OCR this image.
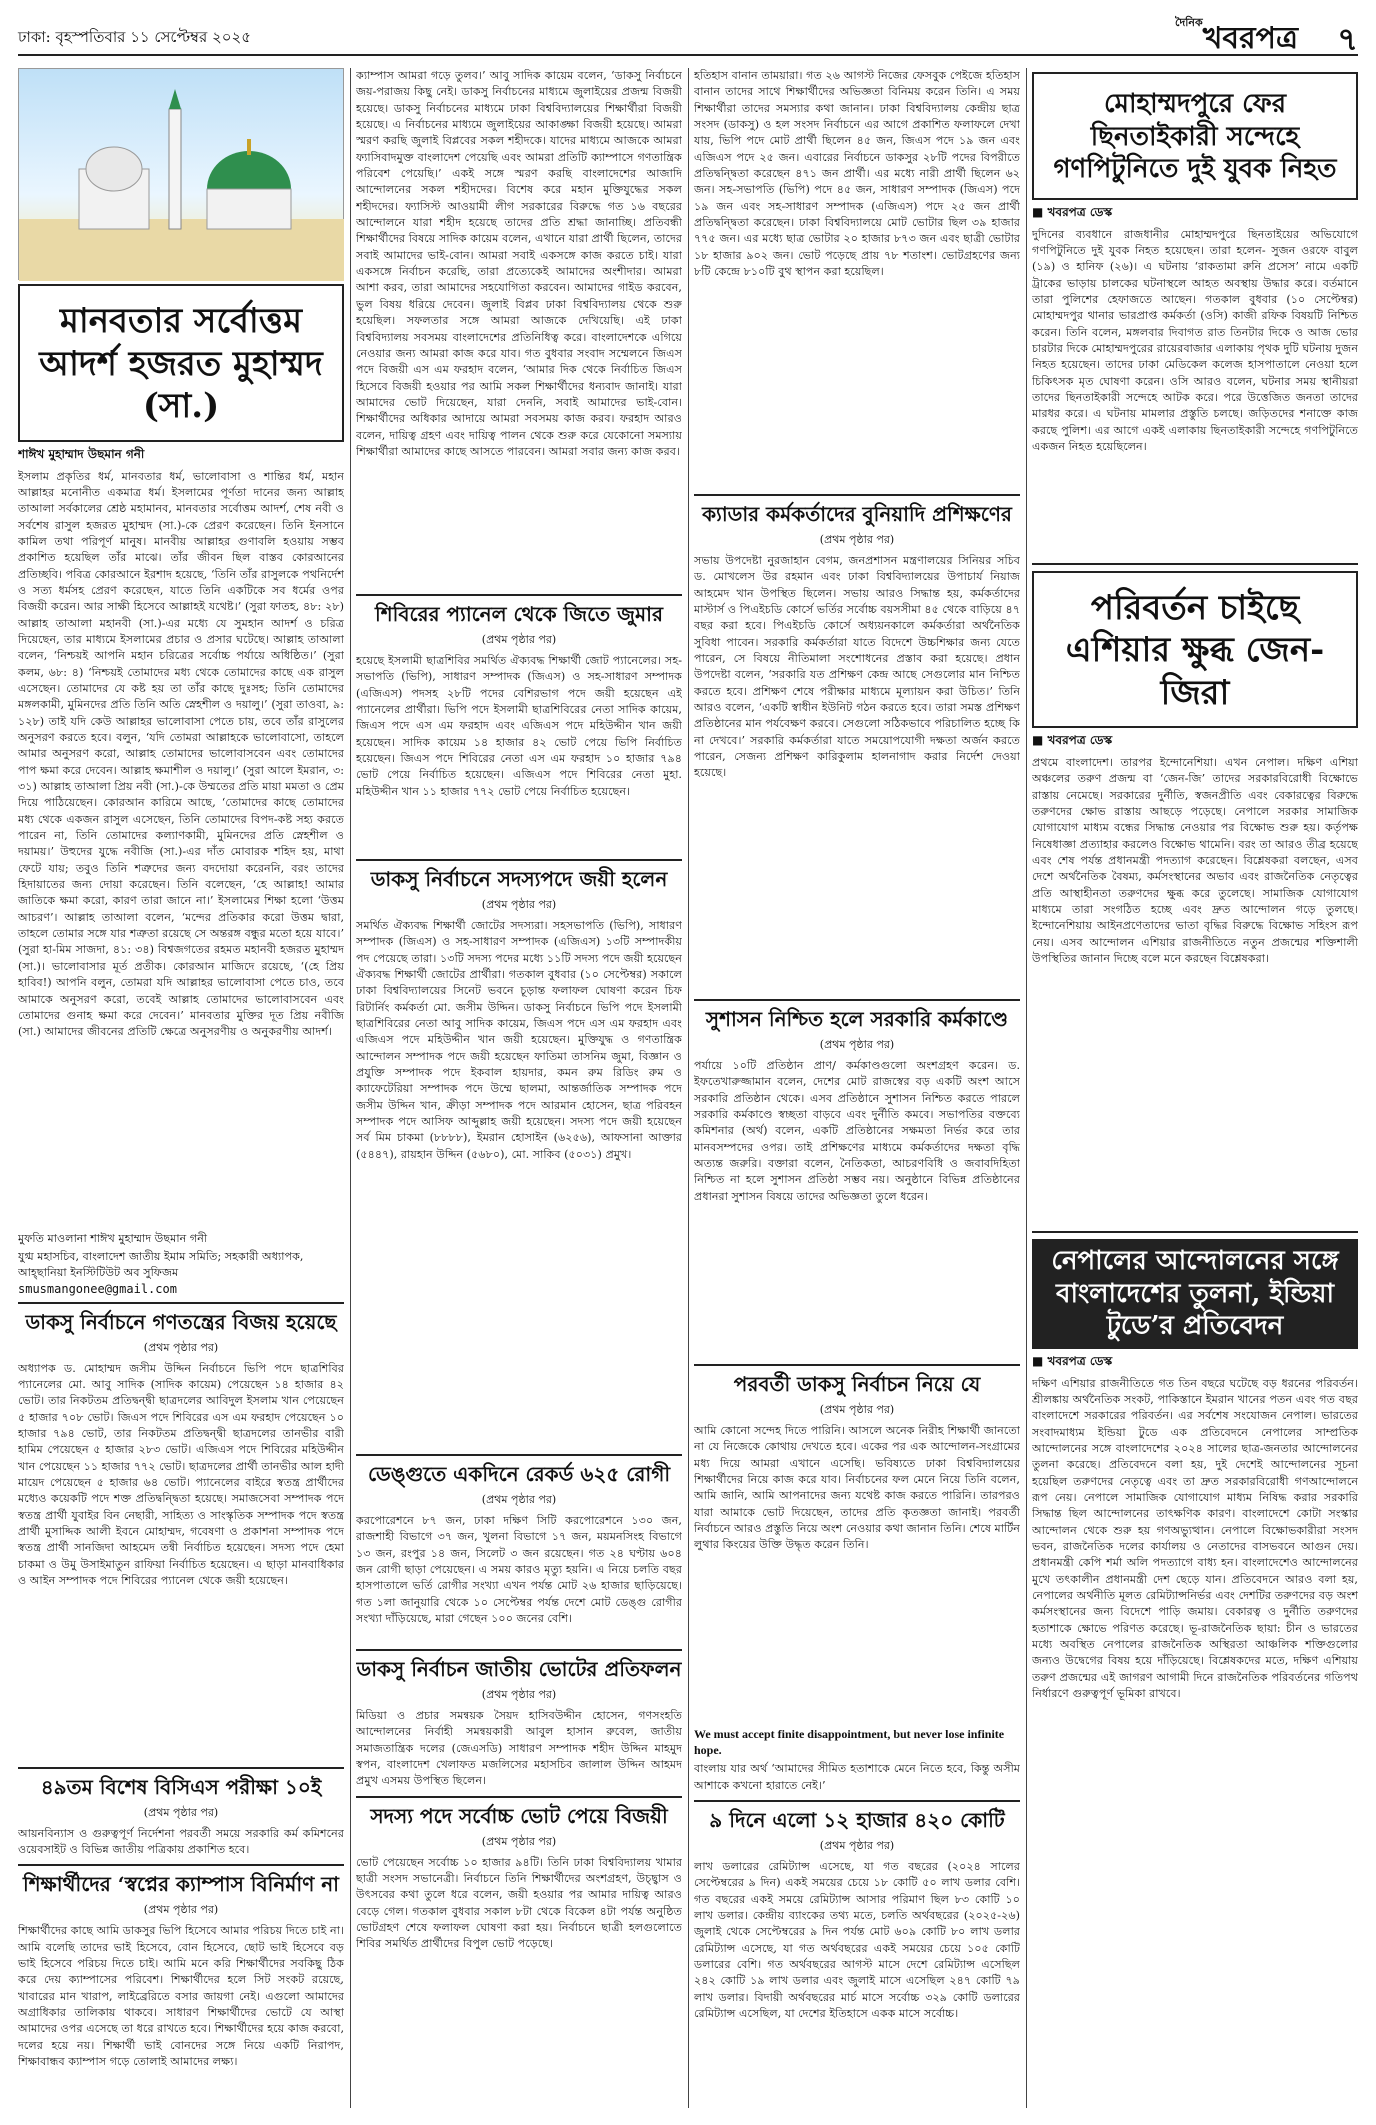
ঢাকা: বৃহস্পতিবার ১১ সেপ্টেম্বর ২০২৫
$^{দৈনিক}$খবরপত্র ৭
মানবতার সর্বোত্তম আদর্শ হজরত মুহাম্মদ (সা.)
শাঈখ মুহাম্মাদ উছমান গনী
ইসলাম প্রকৃতির ধর্ম, মানবতার ধর্ম, ভালোবাসা ও শান্তির ধর্ম, মহান আল্লাহর মনোনীত একমাত্র ধর্ম। ইসলামের পূর্ণতা দানের জন্য আল্লাহ তাআলা সর্বকালের শ্রেষ্ঠ মহামানব, মানবতার সর্বোত্তম আদর্শ, শেষ নবী ও সর্বশেষ রাসুল হজরত মুহাম্মদ (সা.)-কে প্রেরণ করেছেন। তিনি ইনসানে কামিল তথা পরিপূর্ণ মানুষ। মানবীয় আল্লাহর গুণাবলি হওয়ায় সম্ভব প্রকাশিত হয়েছিল তাঁর মাঝে। তাঁর জীবন ছিল বাস্তব কোরআনের প্রতিচ্ছবি। পবিত্র কোরআনে ইরশাদ হয়েছে, ‘তিনি তাঁর রাসুলকে পথনির্দেশ ও সত্য ধর্মসহ প্রেরণ করেছেন, যাতে তিনি একটিকে সব ধর্মের ওপর বিজয়ী করেন। আর সাক্ষী হিসেবে আল্লাহই যথেষ্ট।’ (সুরা ফাতহ, ৪৮: ২৮) আল্লাহ তাআলা মহানবী (সা.)-এর মধ্যে যে সুমহান আদর্শ ও চরিত্র দিয়েছেন, তার মাধ্যমে ইসলামের প্রচার ও প্রসার ঘটেছে। আল্লাহ তাআলা বলেন, ‘নিশ্চয়ই আপনি মহান চরিত্রের সর্বোচ্চ পর্যায়ে অধিষ্ঠিত।’ (সুরা কলম, ৬৮: ৪) ‘নিশ্চয়ই তোমাদের মধ্য থেকে তোমাদের কাছে এক রাসুল এসেছেন। তোমাদের যে কষ্ট হয় তা তাঁর কাছে দুঃসহ; তিনি তোমাদের মঙ্গলকামী, মুমিনদের প্রতি তিনি অতি স্নেহশীল ও দয়ালু।’ (সুরা তাওবা, ৯: ১২৮) তাই যদি কেউ আল্লাহর ভালোবাসা পেতে চায়, তবে তাঁর রাসুলের অনুসরণ করতে হবে। বলুন, ‘যদি তোমরা আল্লাহকে ভালোবাসো, তাহলে আমার অনুসরণ করো, আল্লাহ তোমাদের ভালোবাসবেন এবং তোমাদের পাপ ক্ষমা করে দেবেন। আল্লাহ ক্ষমাশীল ও দয়ালু।’ (সুরা আলে ইমরান, ৩: ৩১) আল্লাহ তাআলা প্রিয় নবী (সা.)-কে উম্মতের প্রতি মায়া মমতা ও প্রেম দিয়ে পাঠিয়েছেন। কোরআন কারিমে আছে, ‘তোমাদের কাছে তোমাদের মধ্য থেকে একজন রাসুল এসেছেন, তিনি তোমাদের বিপদ-কষ্ট সহ্য করতে পারেন না, তিনি তোমাদের কল্যাণকামী, মুমিনদের প্রতি স্নেহশীল ও দয়াময়।’ উহুদের যুদ্ধে নবীজি (সা.)-এর দাঁত মোবারক শহিদ হয়, মাথা ফেটে যায়; তবুও তিনি শত্রুদের জন্য বদদোয়া করেননি, বরং তাদের হিদায়াতের জন্য দোয়া করেছেন। তিনি বলেছেন, ‘হে আল্লাহ! আমার জাতিকে ক্ষমা করো, কারণ তারা জানে না।’ ইসলামের শিক্ষা হলো ‘উত্তম আচরণ’। আল্লাহ তাআলা বলেন, ‘মন্দের প্রতিকার করো উত্তম দ্বারা, তাহলে তোমার সঙ্গে যার শত্রুতা রয়েছে সে অন্তরঙ্গ বন্ধুর মতো হয়ে যাবে।’ (সুরা হা-মিম সাজদা, ৪১: ৩৪) বিশ্বজগতের রহমত মহানবী হজরত মুহাম্মদ (সা.)। ভালোবাসার মূর্ত প্রতীক। কোরআন মাজিদে রয়েছে, ‘(হে প্রিয় হাবিব!) আপনি বলুন, তোমরা যদি আল্লাহর ভালোবাসা পেতে চাও, তবে আমাকে অনুসরণ করো, তবেই আল্লাহ তোমাদের ভালোবাসবেন এবং তোমাদের গুনাহ ক্ষমা করে দেবেন।’ মানবতার মুক্তির দূত প্রিয় নবীজি (সা.) আমাদের জীবনের প্রতিটি ক্ষেত্রে অনুসরণীয় ও অনুকরণীয় আদর্শ।
মুফতি মাওলানা শাঈখ মুহাম্মাদ উছমান গনী
যুগ্ম মহাসচিব, বাংলাদেশ জাতীয় ইমাম সমিতি; সহকারী অধ্যাপক, আহ্ছানিয়া ইনস্টিটিউট অব সুফিজম
smusmangonee@gmail.com
ডাকসু নির্বাচনে গণতন্ত্রের বিজয় হয়েছে
(প্রথম পৃষ্ঠার পর)
অধ্যাপক ড. মোহাম্মদ জসীম উদ্দিন নির্বাচনে ভিপি পদে ছাত্রশিবির প্যানেলের মো. আবু সাদিক (সাদিক কায়েম) পেয়েছেন ১৪ হাজার ৪২ ভোট। তার নিকটতম প্রতিদ্বন্দ্বী ছাত্রদলের আবিদুল ইসলাম খান পেয়েছেন ৫ হাজার ৭০৮ ভোট। জিএস পদে শিবিরের এস এম ফরহাদ পেয়েছেন ১০ হাজার ৭৯৪ ভোট, তার নিকটতম প্রতিদ্বন্দ্বী ছাত্রদলের তানভীর বারী হামিম পেয়েছেন ৫ হাজার ২৮৩ ভোট। এজিএস পদে শিবিরের মহিউদ্দীন খান পেয়েছেন ১১ হাজার ৭৭২ ভোট। ছাত্রদলের প্রার্থী তানভীর আল হাদী মায়েদ পেয়েছেন ৫ হাজার ৬৪ ভোট। প্যানেলের বাইরে স্বতন্ত্র প্রার্থীদের মধ্যেও কয়েকটি পদে শক্ত প্রতিদ্বন্দ্বিতা হয়েছে। সমাজসেবা সম্পাদক পদে স্বতন্ত্র প্রার্থী যুবাইর বিন নেছারী, সাহিত্য ও সাংস্কৃতিক সম্পাদক পদে স্বতন্ত্র প্রার্থী মুসাদ্দিক আলী ইবনে মোহাম্মদ, গবেষণা ও প্রকাশনা সম্পাদক পদে স্বতন্ত্র প্রার্থী সানজিদা আহমেদ তন্বী নির্বাচিত হয়েছেন। সদস্য পদে হেমা চাকমা ও উমু উসাইমাতুন রাফিয়া নির্বাচিত হয়েছেন। এ ছাড়া মানবাধিকার ও আইন সম্পাদক পদে শিবিরের প্যানেল থেকে জয়ী হয়েছেন।
৪৯তম বিশেষ বিসিএস পরীক্ষা ১০ই
(প্রথম পৃষ্ঠার পর)
আয়নবিন্যাস ও গুরুত্বপূর্ণ নির্দেশনা পরবর্তী সময়ে সরকারি কর্ম কমিশনের ওয়েবসাইট ও বিভিন্ন জাতীয় পত্রিকায় প্রকাশিত হবে।
শিক্ষার্থীদের ‘স্বপ্নের ক্যাম্পাস বিনির্মাণ না
(প্রথম পৃষ্ঠার পর)
শিক্ষার্থীদের কাছে আমি ডাকসুর ভিপি হিসেবে আমার পরিচয় দিতে চাই না। আমি বলেছি তাদের ভাই হিসেবে, বোন হিসেবে, ছোট ভাই হিসেবে বড় ভাই হিসেবে পরিচয় দিতে চাই। আমি মনে করি শিক্ষার্থীদের সবকিছু ঠিক করে দেয় ক্যাম্পাসের পরিবেশ। শিক্ষার্থীদের হলে সিট সংকট রয়েছে, খাবারের মান খারাপ, লাইব্রেরিতে বসার জায়গা নেই। এগুলো আমাদের অগ্রাধিকার তালিকায় থাকবে। সাধারণ শিক্ষার্থীদের ভোটে যে আস্থা আমাদের ওপর এসেছে তা ধরে রাখতে হবে। শিক্ষার্থীদের হয়ে কাজ করবো, দলের হয়ে নয়। শিক্ষার্থী ভাই বোনদের সঙ্গে নিয়ে একটি নিরাপদ, শিক্ষাবান্ধব ক্যাম্পাস গড়ে তোলাই আমাদের লক্ষ্য।
ক্যাম্পাস আমরা গড়ে তুলব।’ আবু সাদিক কায়েম বলেন, ‘ডাকসু নির্বাচনে জয়-পরাজয় কিছু নেই। ডাকসু নির্বাচনের মাধ্যমে জুলাইয়ের প্রজন্ম বিজয়ী হয়েছে। ডাকসু নির্বাচনের মাধ্যমে ঢাকা বিশ্ববিদ্যালয়ের শিক্ষার্থীরা বিজয়ী হয়েছে। এ নির্বাচনের মাধ্যমে জুলাইয়ের আকাঙ্ক্ষা বিজয়ী হয়েছে। আমরা স্মরণ করছি জুলাই বিপ্লবের সকল শহীদকে। যাদের মাধ্যমে আজকে আমরা ফ্যাসিবাদমুক্ত বাংলাদেশ পেয়েছি এবং আমরা প্রতিটি ক্যাম্পাসে গণতান্ত্রিক পরিবেশ পেয়েছি।’ একই সঙ্গে স্মরণ করছি বাংলাদেশের আজাদি আন্দোলনের সকল শহীদদের। বিশেষ করে মহান মুক্তিযুদ্ধের সকল শহীদদের। ফ্যাসিস্ট আওয়ামী লীগ সরকারের বিরুদ্ধে গত ১৬ বছরের আন্দোলনে যারা শহীদ হয়েছে তাদের প্রতি শ্রদ্ধা জানাচ্ছি। প্রতিবন্ধী শিক্ষার্থীদের বিষয়ে সাদিক কায়েম বলেন, এখানে যারা প্রার্থী ছিলেন, তাদের সবাই আমাদের ভাই-বোন। আমরা সবাই একসঙ্গে কাজ করতে চাই। যারা একসঙ্গে নির্বাচন করেছি, তারা প্রত্যেকেই আমাদের অংশীদার। আমরা আশা করব, তারা আমাদের সহযোগিতা করবেন। আমাদের গাইড করবেন, ভুল বিষয় ধরিয়ে দেবেন। জুলাই বিপ্লব ঢাকা বিশ্ববিদ্যালয় থেকে শুরু হয়েছিল। সফলতার সঙ্গে আমরা আজকে দেখিয়েছি। এই ঢাকা বিশ্ববিদ্যালয় সবসময় বাংলাদেশের প্রতিনিধিত্ব করে। বাংলাদেশকে এগিয়ে নেওয়ার জন্য আমরা কাজ করে যাব। গত বুধবার সংবাদ সম্মেলনে জিএস পদে বিজয়ী এস এম ফরহাদ বলেন, ‘আমার দিক থেকে নির্বাচিত জিএস হিসেবে বিজয়ী হওয়ার পর আমি সকল শিক্ষার্থীদের ধন্যবাদ জানাই। যারা আমাদের ভোট দিয়েছেন, যারা দেননি, সবাই আমাদের ভাই-বোন। শিক্ষার্থীদের অধিকার আদায়ে আমরা সবসময় কাজ করব। ফরহাদ আরও বলেন, দায়িত্ব গ্রহণ এবং দায়িত্ব পালন থেকে শুরু করে যেকোনো সমস্যায় শিক্ষার্থীরা আমাদের কাছে আসতে পারবেন। আমরা সবার জন্য কাজ করব।
শিবিরের প্যানেল থেকে জিতে জুমার
(প্রথম পৃষ্ঠার পর)
হয়েছে ইসলামী ছাত্রশিবির সমর্থিত ঐক্যবদ্ধ শিক্ষার্থী জোট প্যানেলের। সহ-সভাপতি (ভিপি), সাধারণ সম্পাদক (জিএস) ও সহ-সাধারণ সম্পাদক (এজিএস) পদসহ ২৮টি পদের বেশিরভাগ পদে জয়ী হয়েছেন এই প্যানেলের প্রার্থীরা। ভিপি পদে ইসলামী ছাত্রশিবিরের নেতা সাদিক কায়েম, জিএস পদে এস এম ফরহাদ এবং এজিএস পদে মহিউদ্দীন খান জয়ী হয়েছেন। সাদিক কায়েম ১৪ হাজার ৪২ ভোট পেয়ে ভিপি নির্বাচিত হয়েছেন। জিএস পদে শিবিরের নেতা এস এম ফরহাদ ১০ হাজার ৭৯৪ ভোট পেয়ে নির্বাচিত হয়েছেন। এজিএস পদে শিবিরের নেতা মুহা. মহিউদ্দীন খান ১১ হাজার ৭৭২ ভোট পেয়ে নির্বাচিত হয়েছেন।
ডাকসু নির্বাচনে সদস্যপদে জয়ী হলেন
(প্রথম পৃষ্ঠার পর)
সমর্থিত ঐক্যবদ্ধ শিক্ষার্থী জোটের সদস্যরা। সহসভাপতি (ভিপি), সাধারণ সম্পাদক (জিএস) ও সহ-সাধারণ সম্পাদক (এজিএস) ১৩টি সম্পাদকীয় পদ পেয়েছে তারা। ১৩টি সদস্য পদের মধ্যে ১১টি সদস্য পদে জয়ী হয়েছেন ঐক্যবদ্ধ শিক্ষার্থী জোটের প্রার্থীরা। গতকাল বুধবার (১০ সেপ্টেম্বর) সকালে ঢাকা বিশ্ববিদ্যালয়ের সিনেট ভবনে চূড়ান্ত ফলাফল ঘোষণা করেন চিফ রিটার্নিং কর্মকর্তা মো. জসীম উদ্দিন। ডাকসু নির্বাচনে ভিপি পদে ইসলামী ছাত্রশিবিরের নেতা আবু সাদিক কায়েম, জিএস পদে এস এম ফরহাদ এবং এজিএস পদে মহিউদ্দীন খান জয়ী হয়েছেন। মুক্তিযুদ্ধ ও গণতান্ত্রিক আন্দোলন সম্পাদক পদে জয়ী হয়েছেন ফাতিমা তাসনিম জুমা, বিজ্ঞান ও প্রযুক্তি সম্পাদক পদে ইকবাল হায়দার, কমন রুম রিডিং রুম ও ক্যাফেটেরিয়া সম্পাদক পদে উম্মে ছালমা, আন্তর্জাতিক সম্পাদক পদে জসীম উদ্দিন খান, ক্রীড়া সম্পাদক পদে আরমান হোসেন, ছাত্র পরিবহন সম্পাদক পদে আসিফ আব্দুল্লাহ জয়ী হয়েছেন। সদস্য পদে জয়ী হয়েছেন সর্ব মিম চাকমা (৮৮৮৮), ইমরান হোসাইন (৬২৫৬), আফসানা আক্তার (৫৪৪৭), রায়হান উদ্দিন (৫৬৮০), মো. সাকিব (৫০৩১) প্রমুখ।
ডেঙ্গুতে একদিনে রেকর্ড ৬২৫ রোগী
(প্রথম পৃষ্ঠার পর)
করপোরেশনে ৮৭ জন, ঢাকা দক্ষিণ সিটি করপোরেশনে ১৩০ জন, রাজশাহী বিভাগে ৩৭ জন, খুলনা বিভাগে ১৭ জন, ময়মনসিংহ বিভাগে ১৩ জন, রংপুর ১৪ জন, সিলেট ৩ জন রয়েছেন। গত ২৪ ঘণ্টায় ৬০৪ জন রোগী ছাড়া পেয়েছেন। এ সময় কারও মৃত্যু হয়নি। এ নিয়ে চলতি বছর হাসপাতালে ভর্তি রোগীর সংখ্যা এখন পর্যন্ত মোট ২৬ হাজার ছাড়িয়েছে। গত ১লা জানুয়ারি থেকে ১০ সেপ্টেম্বর পর্যন্ত দেশে মোট ডেঙ্গু রোগীর সংখ্যা দাঁড়িয়েছে, মারা গেছেন ১০০ জনের বেশি।
ডাকসু নির্বাচন জাতীয় ভোটের প্রতিফলন
(প্রথম পৃষ্ঠার পর)
মিডিয়া ও প্রচার সমন্বয়ক সৈয়দ হাসিবউদ্দীন হোসেন, গণসংহতি আন্দোলনের নির্বাহী সমন্বয়কারী আবুল হাসান রুবেল, জাতীয় সমাজতান্ত্রিক দলের (জেএসডি) সাধারণ সম্পাদক শহীদ উদ্দিন মাহমুদ স্বপন, বাংলাদেশ খেলাফত মজলিসের মহাসচিব জালাল উদ্দিন আহমদ প্রমুখ এসময় উপস্থিত ছিলেন।
সদস্য পদে সর্বোচ্চ ভোট পেয়ে বিজয়ী
(প্রথম পৃষ্ঠার পর)
ভোট পেয়েছেন সর্বোচ্চ ১০ হাজার ৯৪টি। তিনি ঢাকা বিশ্ববিদ্যালয় খামার ছাত্রী সংসদ সভানেত্রী। নির্বাচনে তিনি শিক্ষার্থীদের অংশগ্রহণ, উচ্ছ্বাস ও উৎসবের কথা তুলে ধরে বলেন, জয়ী হওয়ার পর আমার দায়িত্ব আরও বেড়ে গেল। গতকাল বুধবার সকাল ৮টা থেকে বিকেল ৪টা পর্যন্ত অনুষ্ঠিত ভোটগ্রহণ শেষে ফলাফল ঘোষণা করা হয়। নির্বাচনে ছাত্রী হলগুলোতে শিবির সমর্থিত প্রার্থীদের বিপুল ভোট পড়েছে।
হতিহাস বানান তাময়ারা। গত ২৬ আগস্ট নিজের ফেসবুক পেইজে হতিহাস বানান তাদের সাথে শিক্ষার্থীদের অভিজ্ঞতা বিনিময় করেন তিনি। এ সময় শিক্ষার্থীরা তাদের সমস্যার কথা জানান। ঢাকা বিশ্ববিদ্যালয় কেন্দ্রীয় ছাত্র সংসদ (ডাকসু) ও হল সংসদ নির্বাচনে এর আগে প্রকাশিত ফলাফলে দেখা যায়, ভিপি পদে মোট প্রার্থী ছিলেন ৪৫ জন, জিএস পদে ১৯ জন এবং এজিএস পদে ২৫ জন। এবারের নির্বাচনে ডাকসুর ২৮টি পদের বিপরীতে প্রতিদ্বন্দ্বিতা করেছেন ৪৭১ জন প্রার্থী। এর মধ্যে নারী প্রার্থী ছিলেন ৬২ জন। সহ-সভাপতি (ভিপি) পদে ৪৫ জন, সাধারণ সম্পাদক (জিএস) পদে ১৯ জন এবং সহ-সাধারণ সম্পাদক (এজিএস) পদে ২৫ জন প্রার্থী প্রতিদ্বন্দ্বিতা করেছেন। ঢাকা বিশ্ববিদ্যালয়ে মোট ভোটার ছিল ৩৯ হাজার ৭৭৫ জন। এর মধ্যে ছাত্র ভোটার ২০ হাজার ৮৭৩ জন এবং ছাত্রী ভোটার ১৮ হাজার ৯০২ জন। ভোট পড়েছে প্রায় ৭৮ শতাংশ। ভোটগ্রহণের জন্য ৮টি কেন্দ্রে ৮১০টি বুথ স্থাপন করা হয়েছিল।
ক্যাডার কর্মকর্তাদের বুনিয়াদি প্রশিক্ষণের
(প্রথম পৃষ্ঠার পর)
সভায় উপদেষ্টা নুরজাহান বেগম, জনপ্রশাসন মন্ত্রণালয়ের সিনিয়র সচিব ড. মোখলেস উর রহমান এবং ঢাকা বিশ্ববিদ্যালয়ের উপাচার্য নিয়াজ আহমেদ খান উপস্থিত ছিলেন। সভায় আরও সিদ্ধান্ত হয়, কর্মকর্তাদের মাস্টার্স ও পিএইচডি কোর্সে ভর্তির সর্বোচ্চ বয়সসীমা ৪৫ থেকে বাড়িয়ে ৪৭ বছর করা হবে। পিএইচডি কোর্সে অধ্যয়নকালে কর্মকর্তারা অর্থনৈতিক সুবিধা পাবেন। সরকারি কর্মকর্তারা যাতে বিদেশে উচ্চশিক্ষার জন্য যেতে পারেন, সে বিষয়ে নীতিমালা সংশোধনের প্রস্তাব করা হয়েছে। প্রধান উপদেষ্টা বলেন, ‘সরকারি যত প্রশিক্ষণ কেন্দ্র আছে সেগুলোর মান নিশ্চিত করতে হবে। প্রশিক্ষণ শেষে পরীক্ষার মাধ্যমে মূল্যায়ন করা উচিত।’ তিনি আরও বলেন, ‘একটি স্বাধীন ইউনিট গঠন করতে হবে। তারা সমস্ত প্রশিক্ষণ প্রতিষ্ঠানের মান পর্যবেক্ষণ করবে। সেগুলো সঠিকভাবে পরিচালিত হচ্ছে কি না দেখবে।’ সরকারি কর্মকর্তারা যাতে সময়োপযোগী দক্ষতা অর্জন করতে পারেন, সেজন্য প্রশিক্ষণ কারিকুলাম হালনাগাদ করার নির্দেশ দেওয়া হয়েছে।
সুশাসন নিশ্চিত হলে সরকারি কর্মকাণ্ডে
(প্রথম পৃষ্ঠার পর)
পর্যায়ে ১০টি প্রতিষ্ঠান প্রাণ/ কর্মকাণ্ডগুলো অংশগ্রহণ করেন। ড. ইফতেখারুজ্জামান বলেন, দেশের মোট রাজস্বের বড় একটি অংশ আসে সরকারি প্রতিষ্ঠান থেকে। এসব প্রতিষ্ঠানে সুশাসন নিশ্চিত করতে পারলে সরকারি কর্মকাণ্ডে স্বচ্ছতা বাড়বে এবং দুর্নীতি কমবে। সভাপতির বক্তব্যে কমিশনার (অর্থ) বলেন, একটি প্রতিষ্ঠানের সক্ষমতা নির্ভর করে তার মানবসম্পদের ওপর। তাই প্রশিক্ষণের মাধ্যমে কর্মকর্তাদের দক্ষতা বৃদ্ধি অত্যন্ত জরুরি। বক্তারা বলেন, নৈতিকতা, আচরণবিধি ও জবাবদিহিতা নিশ্চিত না হলে সুশাসন প্রতিষ্ঠা সম্ভব নয়। অনুষ্ঠানে বিভিন্ন প্রতিষ্ঠানের প্রধানরা সুশাসন বিষয়ে তাদের অভিজ্ঞতা তুলে ধরেন।
পরবর্তী ডাকসু নির্বাচন নিয়ে যে
(প্রথম পৃষ্ঠার পর)
আমি কোনো সন্দেহ দিতে পারিনি। আসলে অনেক নিরীহ শিক্ষার্থী জানতো না যে নিজেকে কোথায় দেখতে হবে। একের পর এক আন্দোলন-সংগ্রামের মধ্য দিয়ে আমরা এখানে এসেছি। ভবিষ্যতে ঢাকা বিশ্ববিদ্যালয়ের শিক্ষার্থীদের নিয়ে কাজ করে যাব। নির্বাচনের ফল মেনে নিয়ে তিনি বলেন, আমি জানি, আমি আপনাদের জন্য যথেষ্ট কাজ করতে পারিনি। তারপরও যারা আমাকে ভোট দিয়েছেন, তাদের প্রতি কৃতজ্ঞতা জানাই। পরবর্তী নির্বাচনে আরও প্রস্তুতি নিয়ে অংশ নেওয়ার কথা জানান তিনি। শেষে মার্টিন লুথার কিংয়ের উক্তি উদ্ধৃত করেন তিনি।
We must accept finite disappointment, but never lose infinite hope.
বাংলায় যার অর্থ ‘আমাদের সীমিত হতাশাকে মেনে নিতে হবে, কিন্তু অসীম আশাকে কখনো হারাতে নেই।’
৯ দিনে এলো ১২ হাজার ৪২০ কোটি
(প্রথম পৃষ্ঠার পর)
লাখ ডলারের রেমিট্যান্স এসেছে, যা গত বছরের (২০২৪ সালের সেপ্টেম্বরের ৯ দিন) একই সময়ের চেয়ে ১৮ কোটি ৫০ লাখ ডলার বেশি। গত বছরের একই সময়ে রেমিট্যান্স আসার পরিমাণ ছিল ৮৩ কোটি ১০ লাখ ডলার। কেন্দ্রীয় ব্যাংকের তথ্য মতে, চলতি অর্থবছরের (২০২৫-২৬) জুলাই থেকে সেপ্টেম্বরের ৯ দিন পর্যন্ত মোট ৬০৯ কোটি ৮০ লাখ ডলার রেমিট্যান্স এসেছে, যা গত অর্থবছরের একই সময়ের চেয়ে ১০৫ কোটি ডলারের বেশি। গত অর্থবছরের আগস্ট মাসে দেশে রেমিট্যান্স এসেছিল ২৪২ কোটি ১৯ লাখ ডলার এবং জুলাই মাসে এসেছিল ২৪৭ কোটি ৭৯ লাখ ডলার। বিদায়ী অর্থবছরের মার্চ মাসে সর্বোচ্চ ৩২৯ কোটি ডলারের রেমিট্যান্স এসেছিল, যা দেশের ইতিহাসে একক মাসে সর্বোচ্চ।
মোহাম্মদপুরে ফের ছিনতাইকারী সন্দেহে গণপিটুনিতে দুই যুবক নিহত
■ খবরপত্র ডেস্ক
দুদিনের ব্যবধানে রাজধানীর মোহাম্মদপুরে ছিনতাইয়ের অভিযোগে গণপিটুনিতে দুই যুবক নিহত হয়েছেন। তারা হলেন- সুজন ওরফে বাবুল (১৯) ও হানিফ (২৬)। এ ঘটনায় ‘রাকতামা রুনি প্রসেস’ নামে একটি ট্রাকের ভাড়ায় চালকের ঘটনাস্থলে আহত অবস্থায় উদ্ধার করে। বর্তমানে তারা পুলিশের হেফাজতে আছেন। গতকাল বুধবার (১০ সেপ্টেম্বর) মোহাম্মদপুর থানার ভারপ্রাপ্ত কর্মকর্তা (ওসি) কাজী রফিক বিষয়টি নিশ্চিত করেন। তিনি বলেন, মঙ্গলবার দিবাগত রাত তিনটার দিকে ও আজ ভোর চারটার দিকে মোহাম্মদপুরের রায়েরবাজার এলাকায় পৃথক দুটি ঘটনায় দুজন নিহত হয়েছেন। তাদের ঢাকা মেডিকেল কলেজ হাসপাতালে নেওয়া হলে চিকিৎসক মৃত ঘোষণা করেন। ওসি আরও বলেন, ঘটনার সময় স্থানীয়রা তাদের ছিনতাইকারী সন্দেহে আটক করে। পরে উত্তেজিত জনতা তাদের মারধর করে। এ ঘটনায় মামলার প্রস্তুতি চলছে। জড়িতদের শনাক্তে কাজ করছে পুলিশ। এর আগে একই এলাকায় ছিনতাইকারী সন্দেহে গণপিটুনিতে একজন নিহত হয়েছিলেন।
পরিবর্তন চাইছে এশিয়ার ক্ষুব্ধ জেন-জিরা
■ খবরপত্র ডেস্ক
প্রথমে বাংলাদেশ। তারপর ইন্দোনেশিয়া। এখন নেপাল। দক্ষিণ এশিয়া অঞ্চলের তরুণ প্রজন্ম বা ‘জেন-জি’ তাদের সরকারবিরোধী বিক্ষোভে রাস্তায় নেমেছে। সরকারের দুর্নীতি, স্বজনপ্রীতি এবং বেকারত্বের বিরুদ্ধে তরুণদের ক্ষোভ রাস্তায় আছড়ে পড়েছে। নেপালে সরকার সামাজিক যোগাযোগ মাধ্যম বন্ধের সিদ্ধান্ত নেওয়ার পর বিক্ষোভ শুরু হয়। কর্তৃপক্ষ নিষেধাজ্ঞা প্রত্যাহার করলেও বিক্ষোভ থামেনি। বরং তা আরও তীব্র হয়েছে এবং শেষ পর্যন্ত প্রধানমন্ত্রী পদত্যাগ করেছেন। বিশ্লেষকরা বলছেন, এসব দেশে অর্থনৈতিক বৈষম্য, কর্মসংস্থানের অভাব এবং রাজনৈতিক নেতৃত্বের প্রতি আস্থাহীনতা তরুণদের ক্ষুব্ধ করে তুলেছে। সামাজিক যোগাযোগ মাধ্যমে তারা সংগঠিত হচ্ছে এবং দ্রুত আন্দোলন গড়ে তুলছে। ইন্দোনেশিয়ায় আইনপ্রণেতাদের ভাতা বৃদ্ধির বিরুদ্ধে বিক্ষোভ সহিংস রূপ নেয়। এসব আন্দোলন এশিয়ার রাজনীতিতে নতুন প্রজন্মের শক্তিশালী উপস্থিতির জানান দিচ্ছে বলে মনে করছেন বিশ্লেষকরা।
নেপালের আন্দোলনের সঙ্গে বাংলাদেশের তুলনা, ইন্ডিয়া টুডে’র প্রতিবেদন
■ খবরপত্র ডেস্ক
দক্ষিণ এশিয়ার রাজনীতিতে গত তিন বছরে ঘটেছে বড় ধরনের পরিবর্তন। শ্রীলঙ্কায় অর্থনৈতিক সংকট, পাকিস্তানে ইমরান খানের পতন এবং গত বছর বাংলাদেশে সরকারের পরিবর্তন। এর সর্বশেষ সংযোজন নেপাল। ভারতের সংবাদমাধ্যম ইন্ডিয়া টুডে এক প্রতিবেদনে নেপালের সাম্প্রতিক আন্দোলনের সঙ্গে বাংলাদেশের ২০২৪ সালের ছাত্র-জনতার আন্দোলনের তুলনা করেছে। প্রতিবেদনে বলা হয়, দুই দেশেই আন্দোলনের সূচনা হয়েছিল তরুণদের নেতৃত্বে এবং তা দ্রুত সরকারবিরোধী গণআন্দোলনে রূপ নেয়। নেপালে সামাজিক যোগাযোগ মাধ্যম নিষিদ্ধ করার সরকারি সিদ্ধান্ত ছিল আন্দোলনের তাৎক্ষণিক কারণ। বাংলাদেশে কোটা সংস্কার আন্দোলন থেকে শুরু হয় গণঅভ্যুত্থান। নেপালে বিক্ষোভকারীরা সংসদ ভবন, রাজনৈতিক দলের কার্যালয় ও নেতাদের বাসভবনে আগুন দেয়। প্রধানমন্ত্রী কেপি শর্মা অলি পদত্যাগে বাধ্য হন। বাংলাদেশেও আন্দোলনের মুখে তৎকালীন প্রধানমন্ত্রী দেশ ছেড়ে যান। প্রতিবেদনে আরও বলা হয়, নেপালের অর্থনীতি মূলত রেমিট্যান্সনির্ভর এবং দেশটির তরুণদের বড় অংশ কর্মসংস্থানের জন্য বিদেশে পাড়ি জমায়। বেকারত্ব ও দুর্নীতি তরুণদের হতাশাকে ক্ষোভে পরিণত করেছে। ভূ-রাজনৈতিক ছায়া: চীন ও ভারতের মধ্যে অবস্থিত নেপালের রাজনৈতিক অস্থিরতা আঞ্চলিক শক্তিগুলোর জন্যও উদ্বেগের বিষয় হয়ে দাঁড়িয়েছে। বিশ্লেষকদের মতে, দক্ষিণ এশিয়ায় তরুণ প্রজন্মের এই জাগরণ আগামী দিনে রাজনৈতিক পরিবর্তনের গতিপথ নির্ধারণে গুরুত্বপূর্ণ ভূমিকা রাখবে।
